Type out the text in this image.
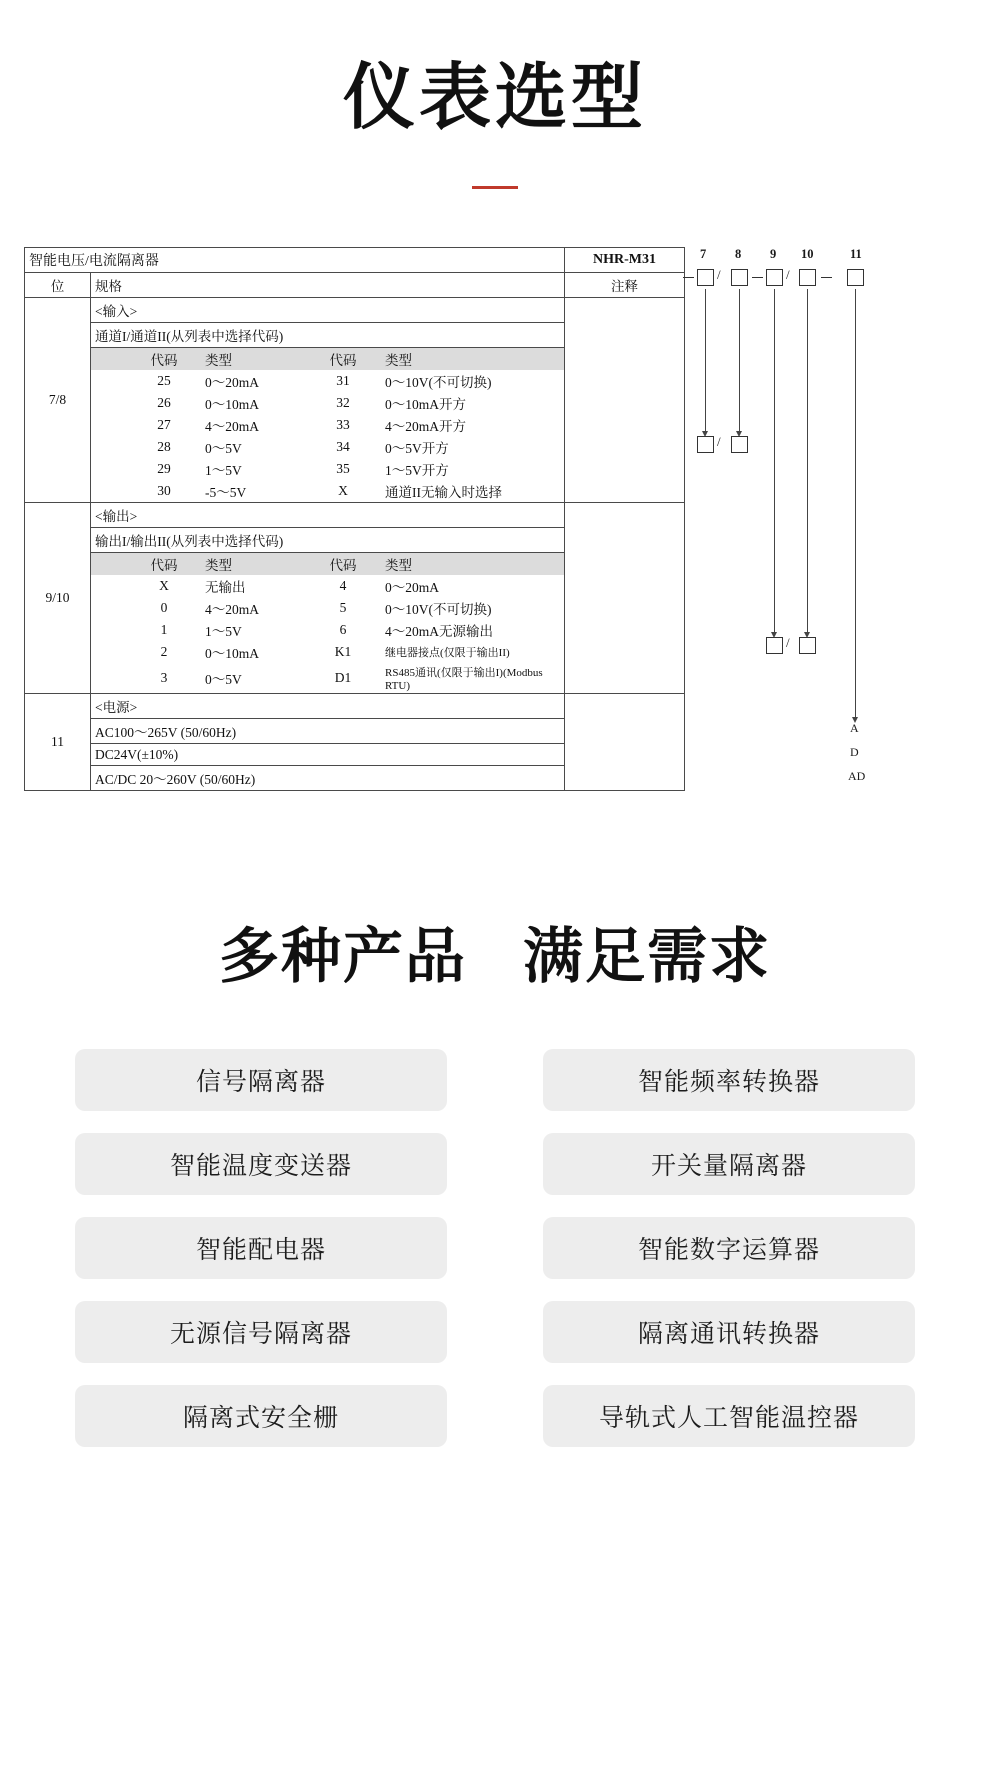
仪表选型
智能电压/电流隔离器	NHR-M31
位	规格	注释
7/8	<输入>	
通道I/通道II(从列表中选择代码)

	代码	类型	代码	类型
	25	0～20mA	31	0～10V(不可切换)
	26	0～10mA	32	0～10mA开方
	27	4～20mA	33	4～20mA开方
	28	0～5V	34	0～5V开方
	29	1～5V	35	1～5V开方
	30	-5～5V	X	通道II无输入时选择

9/10	<输出>	
输出I/输出II(从列表中选择代码)

	代码	类型	代码	类型
	X	无输出	4	0～20mA
	0	4～20mA	5	0～10V(不可切换)
	1	1～5V	6	4～20mA无源输出
	2	0～10mA	K1	继电器接点(仅限于输出II)
	3	0～5V	D1	RS485通讯(仅限于输出I)(Modbus RTU)

11	<电源>	
AC100～265V (50/60Hz)
DC24V(±10%)
AC/DC 20～260V (50/60Hz)
7 8 9 10	11
/	/
/
/
A
D
AD
多种产品 满足需求
信号隔离器	智能频率转换器
智能温度变送器	开关量隔离器
智能配电器	智能数字运算器
无源信号隔离器	隔离通讯转换器
隔离式安全栅	导轨式人工智能温控器
